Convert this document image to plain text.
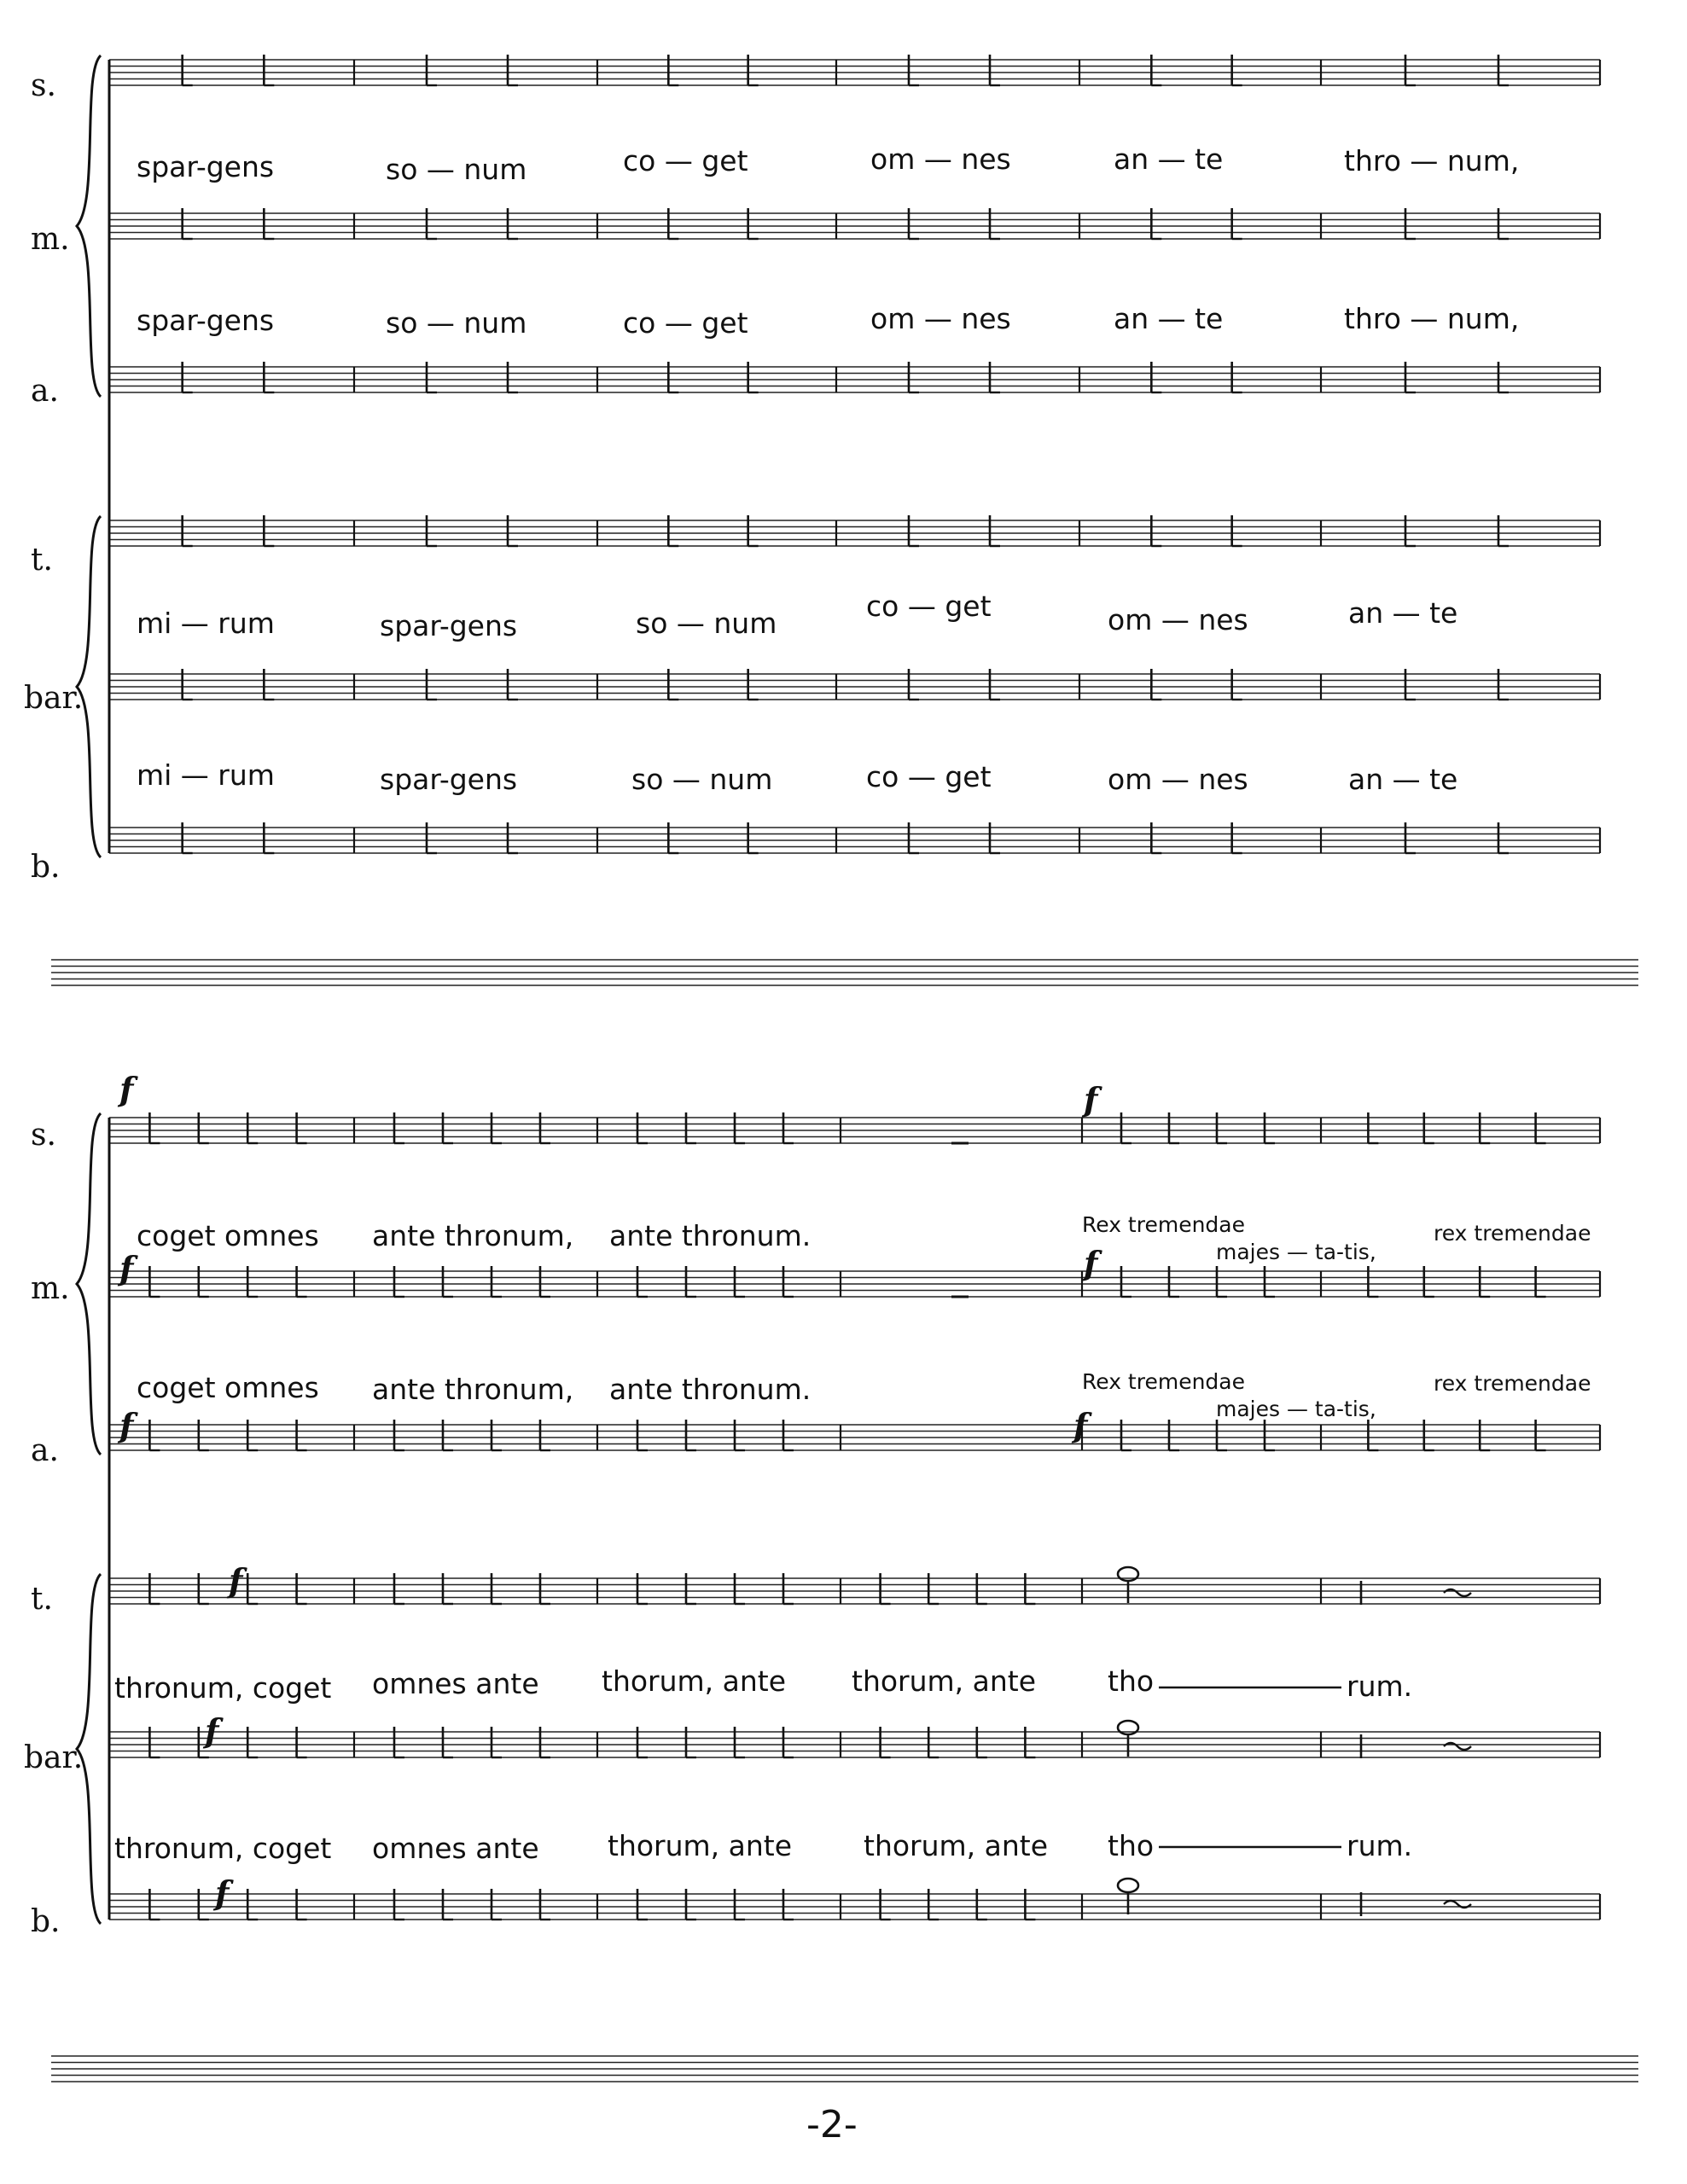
s.
m.
a.
t.
bar.
b.
s.
m.
a.
t.
bar.
b.
spar-gens	so — num	co — get	om — nes	an — te	thro — num,
spar-gens	so — num	co — get	om — nes	an — te	thro — num,
mi — rum	spar-gens	so — num
co — get	om — nes	an — te
mi — rum	spar-gens	so — num	co — get	om — nes	an — te
coget omnes ante thronum, ante thronum.	Rex tremendae
majes — ta-tis,
rex tremendae
coget omnes ante thronum, ante thronum.	Rex tremendae
majes — ta-tis,
rex tremendae
thronum, coget omnes ante thorum, ante thorum, ante	tho	rum.
thronum, coget omnes ante thorum, ante	thorum, ante tho	rum.
f
f
f
f
f
f
f
f
f
-2-
